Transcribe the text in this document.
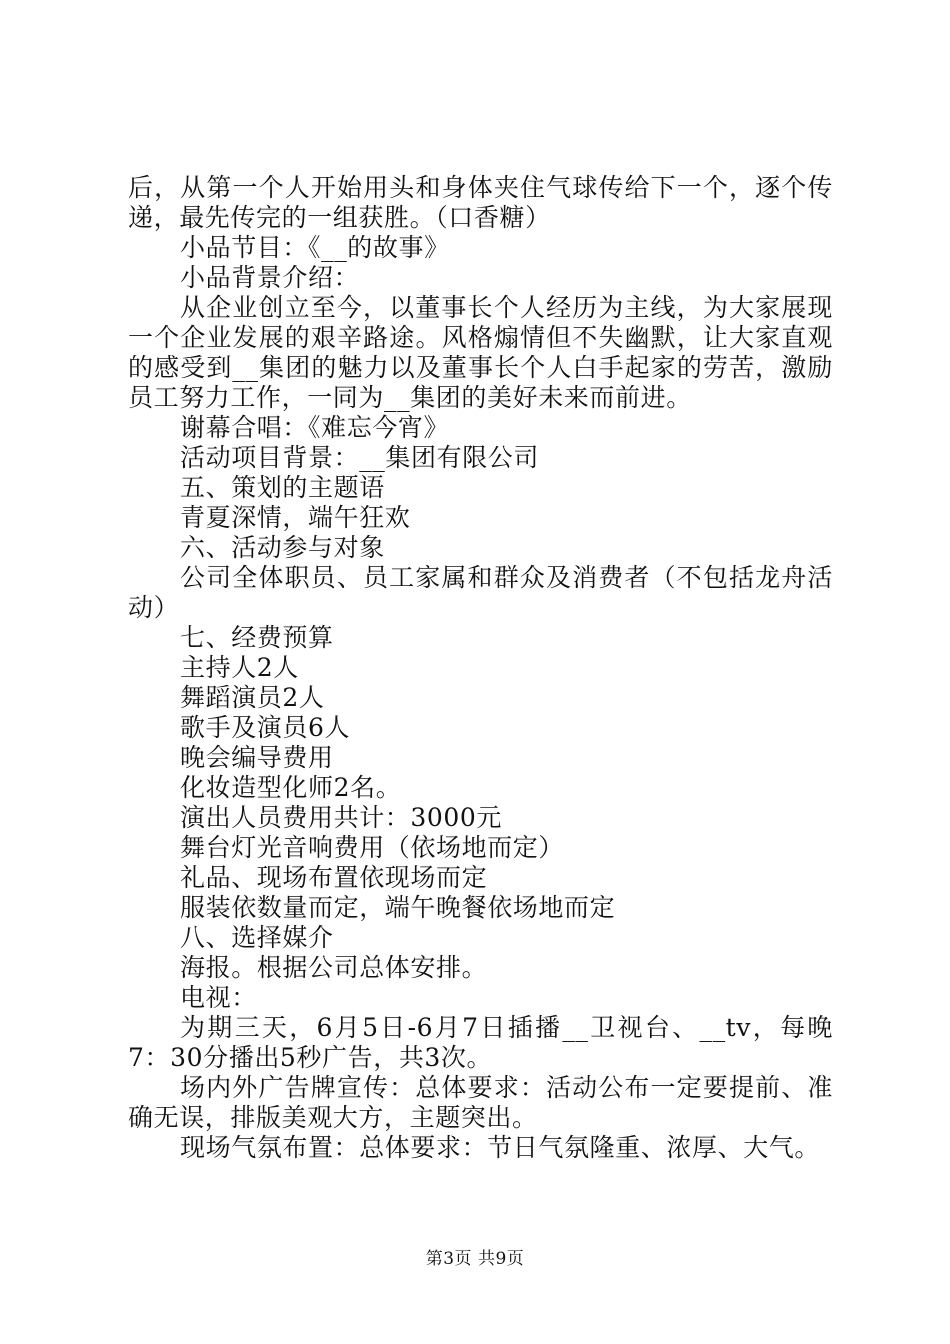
后，从第一个人开始用头和身体夹住气球传给下一个，逐个传递，最先传完的一组获胜。（口香糖）

小品节目：《__的故事》

小品背景介绍：

从企业创立至今，以董事长个人经历为主线，为大家展现一个企业发展的艰辛路途。风格煽情但不失幽默，让大家直观的感受到__集团的魅力以及董事长个人白手起家的劳苦，激励员工努力工作，一同为__集团的美好未来而前进。

谢幕合唱：《难忘今宵》

活动项目背景：__集团有限公司

五、策划的主题语

青夏深情，端午狂欢

六、活动参与对象

公司全体职员、员工家属和群众及消费者（不包括龙舟活动）

七、经费预算

主持人2人

舞蹈演员2人

歌手及演员6人

晚会编导费用

化妆造型化师2名。

演出人员费用共计：3000元

舞台灯光音响费用（依场地而定）

礼品、现场布置依现场而定

服装依数量而定，端午晚餐依场地而定

八、选择媒介

海报。根据公司总体安排。

电视：

为期三天，6月5日-6月7日插播__卫视台、__tv，每晚7：30分播出5秒广告，共3次。

场内外广告牌宣传：总体要求：活动公布一定要提前、准确无误，排版美观大方，主题突出。

现场气氛布置：总体要求：节日气氛隆重、浓厚、大气。

第3页 共9页
